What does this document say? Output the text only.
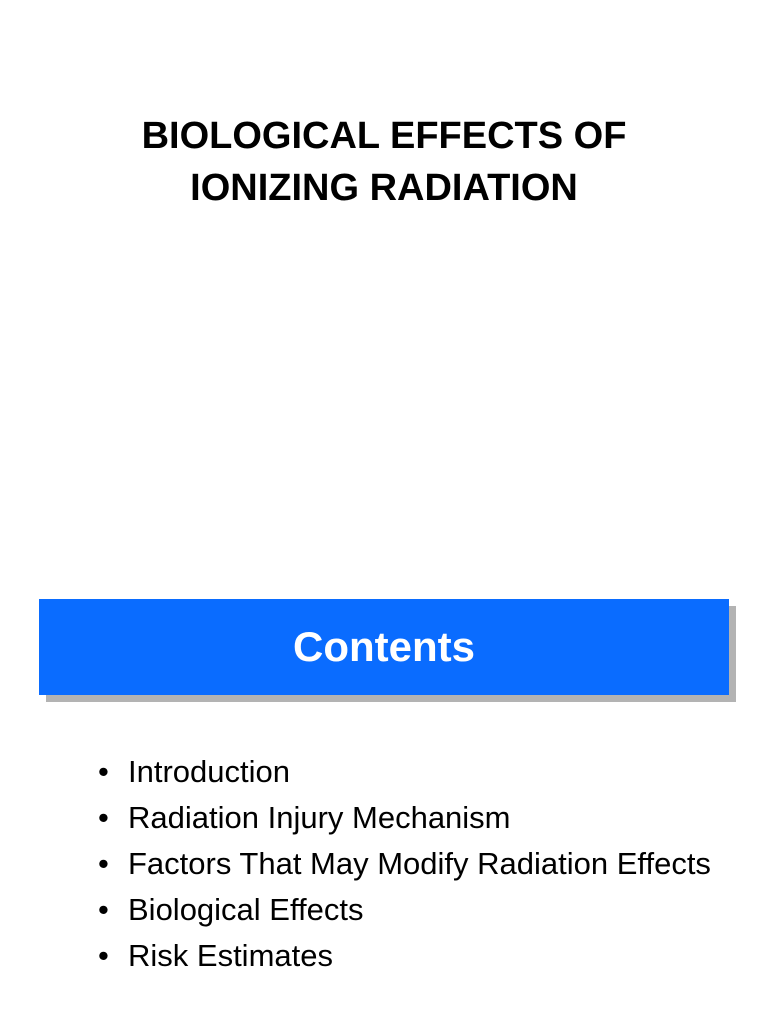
BIOLOGICAL EFFECTS OF
IONIZING RADIATION
Contents
• Introduction
• Radiation Injury Mechanism
• Factors That May Modify Radiation Effects
• Biological Effects
• Risk Estimates
